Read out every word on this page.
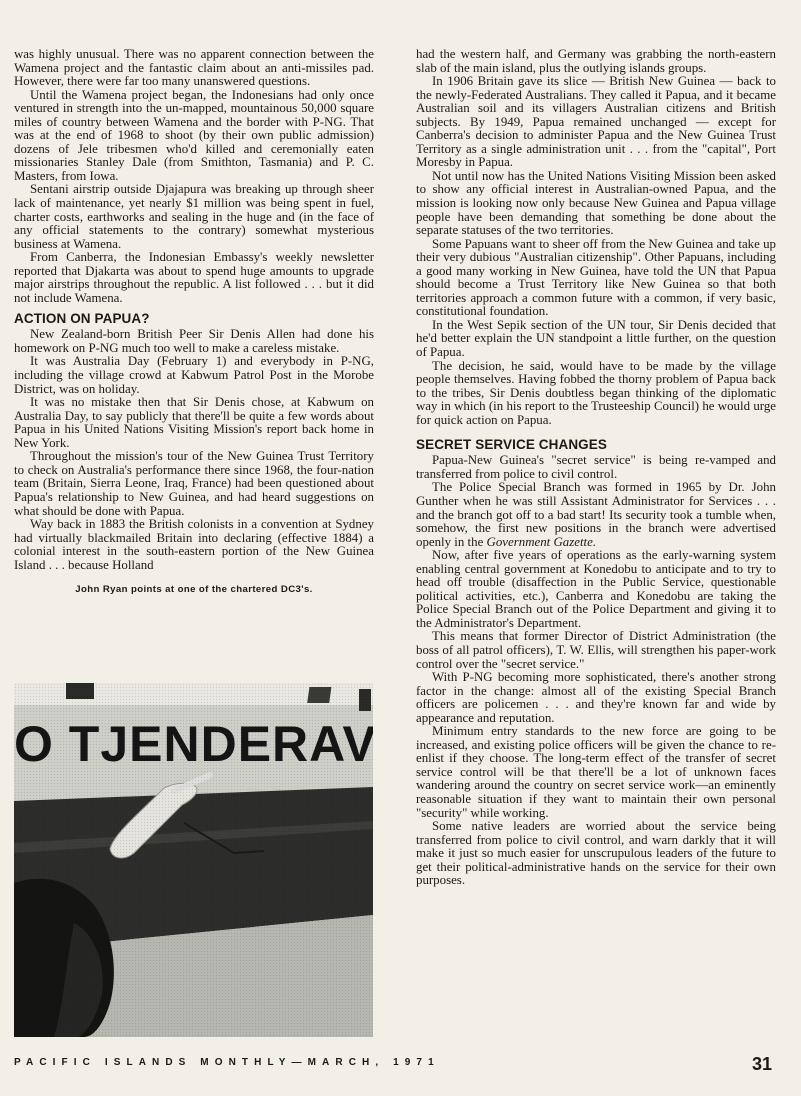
was highly unusual. There was no apparent connection between the Wamena project and the fantastic claim about an anti-missiles pad. However, there were far too many unanswered questions.

Until the Wamena project began, the Indonesians had only once ventured in strength into the un-mapped, mountainous 50,000 square miles of country between Wamena and the border with P-NG. That was at the end of 1968 to shoot (by their own public admission) dozens of Jele tribesmen who'd killed and ceremonially eaten missionaries Stanley Dale (from Smithton, Tasmania) and P. C. Masters, from Iowa.

Sentani airstrip outside Djajapura was breaking up through sheer lack of maintenance, yet nearly $1 million was being spent in fuel, charter costs, earthworks and sealing in the huge and (in the face of any official statements to the contrary) somewhat mysterious business at Wamena.

From Canberra, the Indonesian Embassy's weekly newsletter reported that Djakarta was about to spend huge amounts to upgrade major airstrips throughout the republic. A list followed . . . but it did not include Wamena.

ACTION ON PAPUA?

New Zealand-born British Peer Sir Denis Allen had done his homework on P-NG much too well to make a careless mistake.

It was Australia Day (February 1) and everybody in P-NG, including the village crowd at Kabwum Patrol Post in the Morobe District, was on holiday.

It was no mistake then that Sir Denis chose, at Kabwum on Australia Day, to say publicly that there'll be quite a few words about Papua in his United Nations Visiting Mission's report back home in New York.

Throughout the mission's tour of the New Guinea Trust Territory to check on Australia's performance there since 1968, the four-nation team (Britain, Sierra Leone, Iraq, France) had been questioned about Papua's relationship to New Guinea, and had heard suggestions on what should be done with Papua.

Way back in 1883 the British colonists in a convention at Sydney had virtually blackmailed Britain into declaring (effective 1884) a colonial interest in the south-eastern portion of the New Guinea Island . . . because Holland

John Ryan points at one of the chartered DC3's.

had the western half, and Germany was grabbing the north-eastern slab of the main island, plus the outlying islands groups.

In 1906 Britain gave its slice — British New Guinea — back to the newly-Federated Australians. They called it Papua, and it became Australian soil and its villagers Australian citizens and British subjects. By 1949, Papua remained unchanged — except for Canberra's decision to administer Papua and the New Guinea Trust Territory as a single administration unit . . . from the "capital", Port Moresby in Papua.

Not until now has the United Nations Visiting Mission been asked to show any official interest in Australian-owned Papua, and the mission is looking now only because New Guinea and Papua village people have been demanding that something be done about the separate statuses of the two territories.

Some Papuans want to sheer off from the New Guinea and take up their very dubious "Australian citizenship". Other Papuans, including a good many working in New Guinea, have told the UN that Papua should become a Trust Territory like New Guinea so that both territories approach a common future with a common, if very basic, constitutional foundation.

In the West Sepik section of the UN tour, Sir Denis decided that he'd better explain the UN standpoint a little further, on the question of Papua.

The decision, he said, would have to be made by the village people themselves. Having fobbed the thorny problem of Papua back to the tribes, Sir Denis doubtless began thinking of the diplomatic way in which (in his report to the Trusteeship Council) he would urge for quick action on Papua.

SECRET SERVICE CHANGES

Papua-New Guinea's "secret service" is being re-vamped and transferred from police to civil control.

The Police Special Branch was formed in 1965 by Dr. John Gunther when he was still Assistant Administrator for Services . . . and the branch got off to a bad start! Its security took a tumble when, somehow, the first new positions in the branch were advertised openly in the Government Gazette.

Now, after five years of operations as the early-warning system enabling central government at Konedobu to anticipate and to try to head off trouble (disaffection in the Public Service, questionable political activities, etc.), Canberra and Konedobu are taking the Police Special Branch out of the Police Department and giving it to the Administrator's Department.

This means that former Director of District Administration (the boss of all patrol officers), T. W. Ellis, will strengthen his paper-work control over the "secret service."

With P-NG becoming more sophisticated, there's another strong factor in the change: almost all of the existing Special Branch officers are policemen . . . and they're known far and wide by appearance and reputation.

Minimum entry standards to the new force are going to be increased, and existing police officers will be given the chance to re-enlist if they choose. The long-term effect of the transfer of secret service control will be that there'll be a lot of unknown faces wandering around the country on secret service work—an eminently reasonable situation if they want to maintain their own personal "security" while working.

Some native leaders are worried about the service being transferred from police to civil control, and warn darkly that it will make it just so much easier for unscrupulous leaders of the future to get their political-administrative hands on the service for their own purposes.

PACIFIC ISLANDS MONTHLY—MARCH, 1971	31
